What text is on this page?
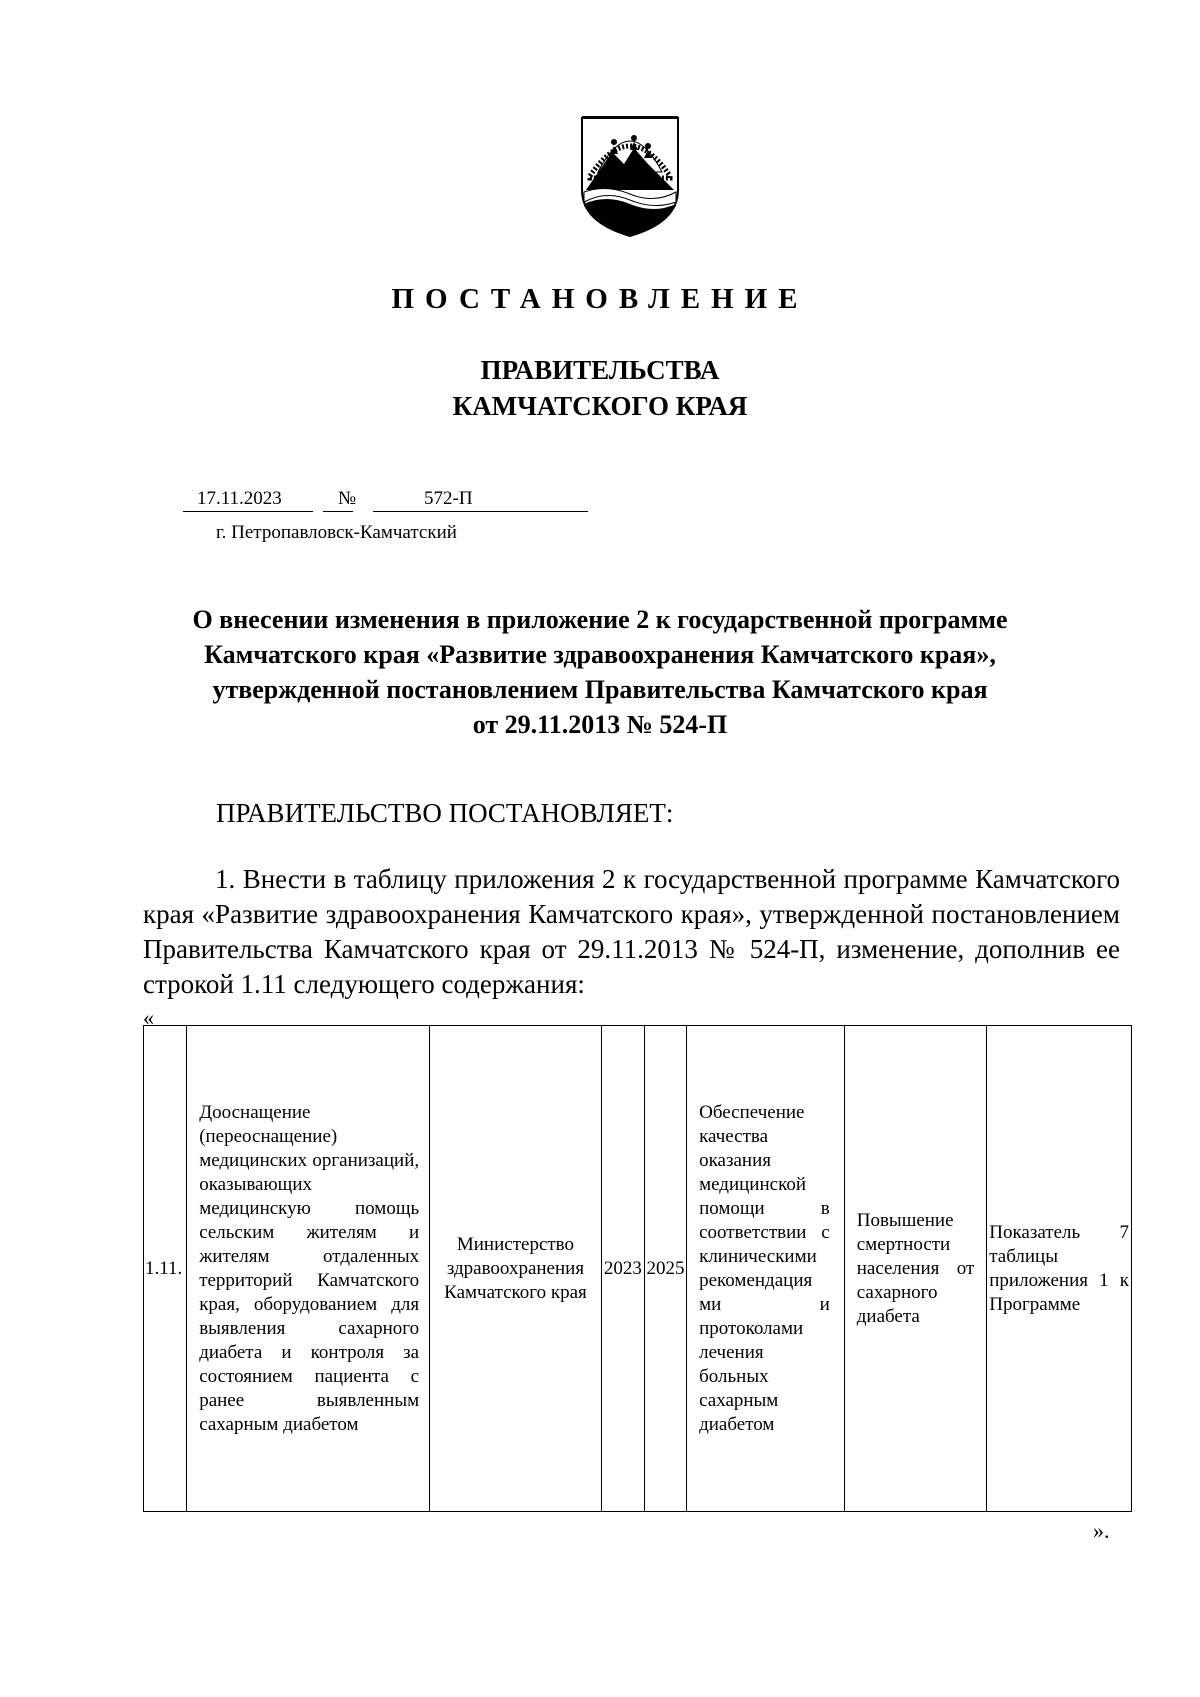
ПОСТАНОВЛЕНИЕ
ПРАВИТЕЛЬСТВА
КАМЧАТСКОГО КРАЯ
17.11.2023	№	572-П
г. Петропавловск-Камчатский
О внесении изменения в приложение 2 к государственной программе
Камчатского края «Развитие здравоохранения Камчатского края»,
утвержденной постановлением Правительства Камчатского края
от 29.11.2013 № 524-П
ПРАВИТЕЛЬСТВО ПОСТАНОВЛЯЕТ:
1. Внести в таблицу приложения 2 к государственной программе Камчатского края «Развитие здравоохранения Камчатского края», утвержденной постановлением Правительства Камчатского края от 29.11.2013 № 524-П, изменение, дополнив ее строкой 1.11 следующего содержания:
«
1.11.	Дооснащение (переоснащение) медицинских организаций, оказывающих медицинскую помощь сельским жителям и жителям отдаленных территорий Камчатского края, оборудованием для выявления сахарного диабета и контроля за состоянием пациента с ранее выявленным сахарным диабетом	Министерство здравоохранения Камчатского края	2023	2025	Обеспечение качества оказания медицинской помощи в соответствии с клиническими рекомендация ми и протоколами лечения больных сахарным диабетом	Повышение смертности населения от сахарного диабета	Показатель 7 таблицы приложения 1 к Программе
».
